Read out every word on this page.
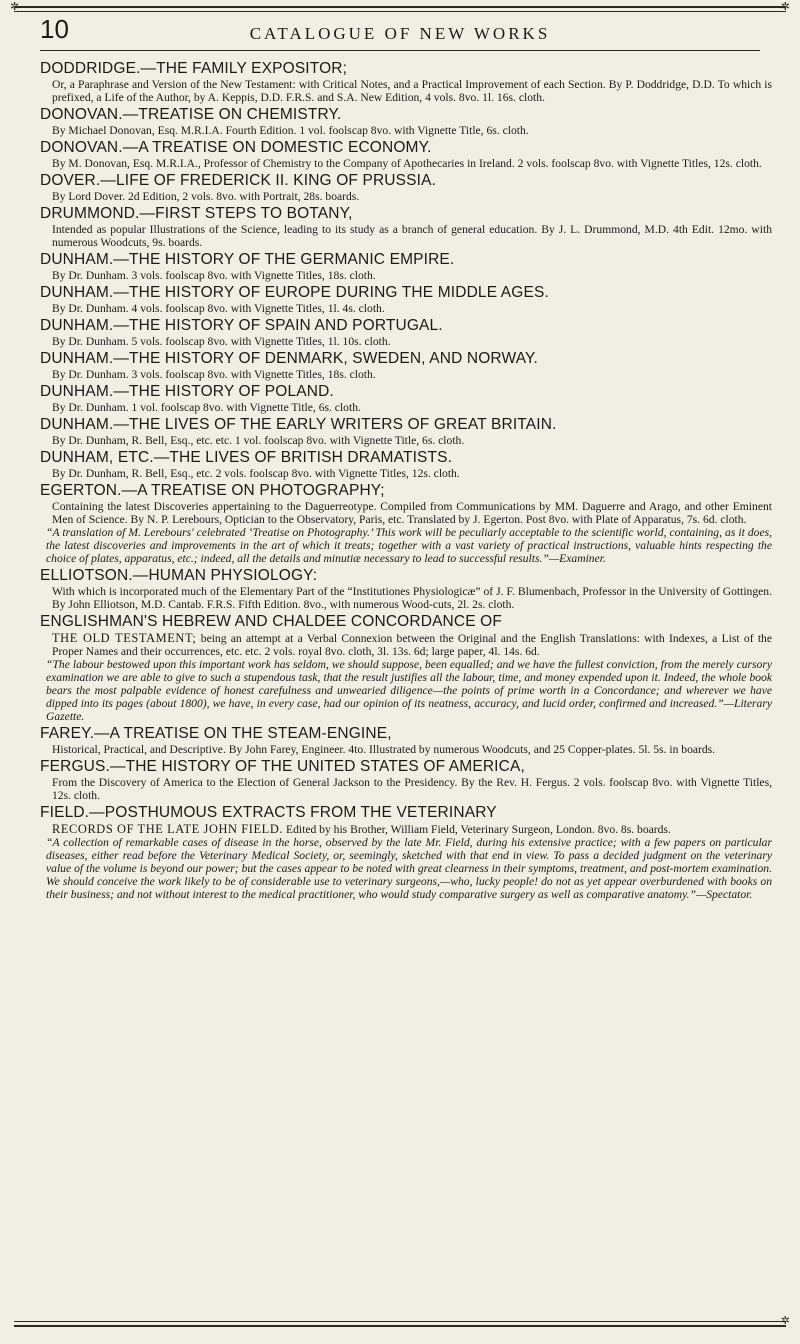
✲	✲
10	CATALOGUE OF NEW WORKS
DODDRIDGE.—THE FAMILY EXPOSITOR;
Or, a Paraphrase and Version of the New Testament: with Critical Notes, and a Practical Improvement of each Section. By P. Doddridge, D.D. To which is prefixed, a Life of the Author, by A. Keppis, D.D. F.R.S. and S.A. New Edition, 4 vols. 8vo. 1l. 16s. cloth.
DONOVAN.—TREATISE ON CHEMISTRY.
By Michael Donovan, Esq. M.R.I.A. Fourth Edition. 1 vol. foolscap 8vo. with Vignette Title, 6s. cloth.
DONOVAN.—A TREATISE ON DOMESTIC ECONOMY.
By M. Donovan, Esq. M.R.I.A., Professor of Chemistry to the Company of Apothecaries in Ireland. 2 vols. foolscap 8vo. with Vignette Titles, 12s. cloth.
DOVER.—LIFE OF FREDERICK II. KING OF PRUSSIA.
By Lord Dover. 2d Edition, 2 vols. 8vo. with Portrait, 28s. boards.
DRUMMOND.—FIRST STEPS TO BOTANY,
Intended as popular Illustrations of the Science, leading to its study as a branch of general education. By J. L. Drummond, M.D. 4th Edit. 12mo. with numerous Woodcuts, 9s. boards.
DUNHAM.—THE HISTORY OF THE GERMANIC EMPIRE.
By Dr. Dunham. 3 vols. foolscap 8vo. with Vignette Titles, 18s. cloth.
DUNHAM.—THE HISTORY OF EUROPE DURING THE MIDDLE AGES.
By Dr. Dunham. 4 vols. foolscap 8vo. with Vignette Titles, 1l. 4s. cloth.
DUNHAM.—THE HISTORY OF SPAIN AND PORTUGAL.
By Dr. Dunham. 5 vols. foolscap 8vo. with Vignette Titles, 1l. 10s. cloth.
DUNHAM.—THE HISTORY OF DENMARK, SWEDEN, AND NORWAY.
By Dr. Dunham. 3 vols. foolscap 8vo. with Vignette Titles, 18s. cloth.
DUNHAM.—THE HISTORY OF POLAND.
By Dr. Dunham. 1 vol. foolscap 8vo. with Vignette Title, 6s. cloth.
DUNHAM.—THE LIVES OF THE EARLY WRITERS OF GREAT BRITAIN.
By Dr. Dunham, R. Bell, Esq., etc. etc. 1 vol. foolscap 8vo. with Vignette Title, 6s. cloth.
DUNHAM, ETC.—THE LIVES OF BRITISH DRAMATISTS.
By Dr. Dunham, R. Bell, Esq., etc. 2 vols. foolscap 8vo. with Vignette Titles, 12s. cloth.
EGERTON.—A TREATISE ON PHOTOGRAPHY;
Containing the latest Discoveries appertaining to the Daguerreotype. Compiled from Communications by MM. Daguerre and Arago, and other Eminent Men of Science. By N. P. Lerebours, Optician to the Observatory, Paris, etc. Translated by J. Egerton. Post 8vo. with Plate of Apparatus, 7s. 6d. cloth.
“A translation of M. Lerebours' celebrated ‘Treatise on Photography.’ This work will be peculiarly acceptable to the scientific world, containing, as it does, the latest discoveries and improvements in the art of which it treats; together with a vast variety of practical instructions, valuable hints respecting the choice of plates, apparatus, etc.; indeed, all the details and minutiæ necessary to lead to successful results.”—Examiner.
ELLIOTSON.—HUMAN PHYSIOLOGY:
With which is incorporated much of the Elementary Part of the “Institutiones Physiologicæ” of J. F. Blumenbach, Professor in the University of Gottingen. By John Elliotson, M.D. Cantab. F.R.S. Fifth Edition. 8vo., with numerous Wood-cuts, 2l. 2s. cloth.
ENGLISHMAN'S HEBREW AND CHALDEE CONCORDANCE OF
THE OLD TESTAMENT; being an attempt at a Verbal Connexion between the Original and the English Translations: with Indexes, a List of the Proper Names and their occurrences, etc. etc. 2 vols. royal 8vo. cloth, 3l. 13s. 6d; large paper, 4l. 14s. 6d.
“The labour bestowed upon this important work has seldom, we should suppose, been equalled; and we have the fullest conviction, from the merely cursory examination we are able to give to such a stupendous task, that the result justifies all the labour, time, and money expended upon it. Indeed, the whole book bears the most palpable evidence of honest carefulness and unwearied diligence—the points of prime worth in a Concordance; and wherever we have dipped into its pages (about 1800), we have, in every case, had our opinion of its neatness, accuracy, and lucid order, confirmed and increased.”—Literary Gazette.
FAREY.—A TREATISE ON THE STEAM-ENGINE,
Historical, Practical, and Descriptive. By John Farey, Engineer. 4to. Illustrated by numerous Woodcuts, and 25 Copper-plates. 5l. 5s. in boards.
FERGUS.—THE HISTORY OF THE UNITED STATES OF AMERICA,
From the Discovery of America to the Election of General Jackson to the Presidency. By the Rev. H. Fergus. 2 vols. foolscap 8vo. with Vignette Titles, 12s. cloth.
FIELD.—POSTHUMOUS EXTRACTS FROM THE VETERINARY
RECORDS OF THE LATE JOHN FIELD. Edited by his Brother, William Field, Veterinary Surgeon, London. 8vo. 8s. boards.
“A collection of remarkable cases of disease in the horse, observed by the late Mr. Field, during his extensive practice; with a few papers on particular diseases, either read before the Veterinary Medical Society, or, seemingly, sketched with that end in view. To pass a decided judgment on the veterinary value of the volume is beyond our power; but the cases appear to be noted with great clearness in their symptoms, treatment, and post-mortem examination. We should conceive the work likely to be of considerable use to veterinary surgeons,—who, lucky people! do not as yet appear overburdened with books on their business; and not without interest to the medical practitioner, who would study comparative surgery as well as comparative anatomy.”—Spectator.
✲
